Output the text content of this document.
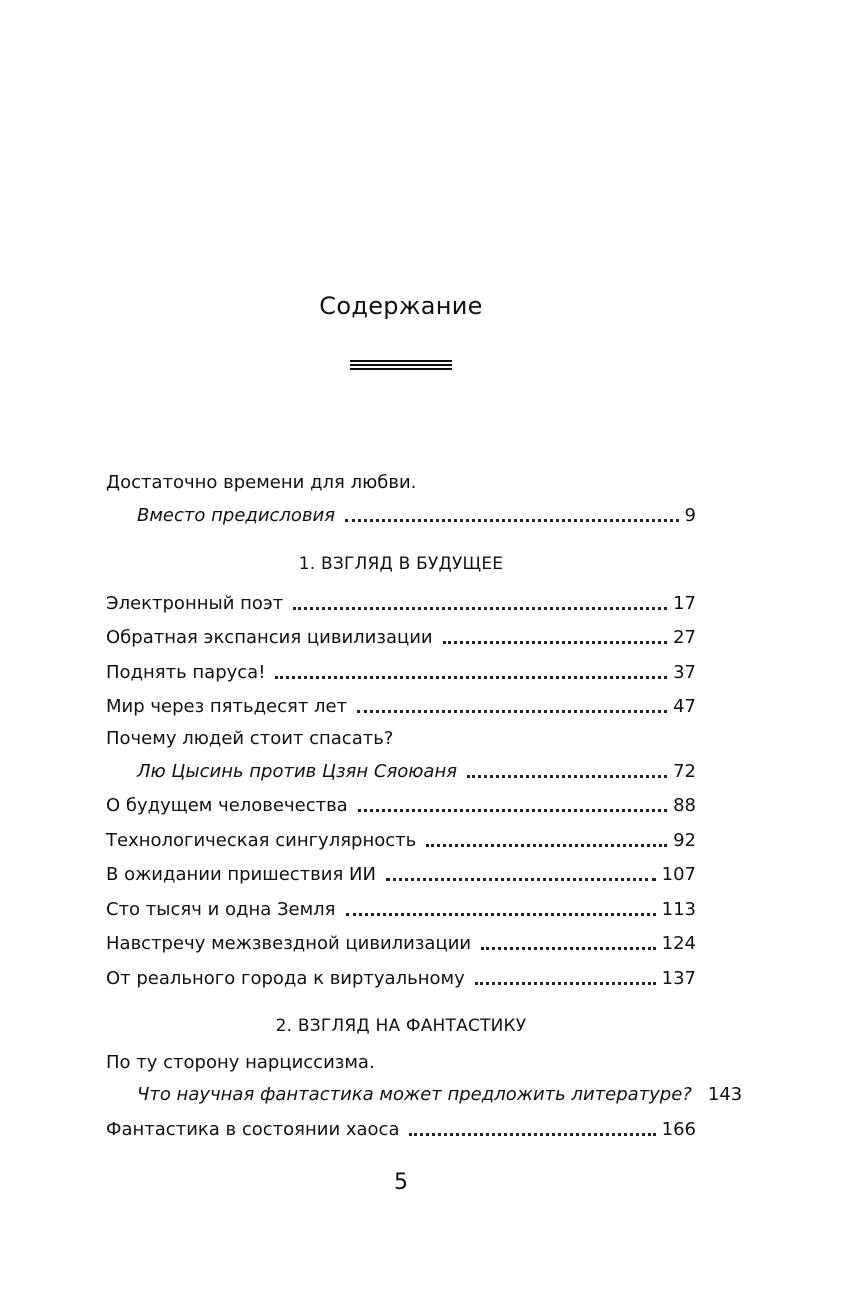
Содержание
Достаточно времени для любви.
Вместо предисловия	9
1. ВЗГЛЯД В БУДУЩЕЕ
Электронный поэт	17
Обратная экспансия цивилизации	27
Поднять паруса!	37
Мир через пятьдесят лет	47
Почему людей стоит спасать?
Лю Цысинь против Цзян Сяоюаня	72
О будущем человечества	88
Технологическая сингулярность	92
В ожидании пришествия ИИ	107
Сто тысяч и одна Земля	113
Навстречу межзвездной цивилизации	124
От реального города к виртуальному	137
2. ВЗГЛЯД НА ФАНТАСТИКУ
По ту сторону нарциссизма.
Что научная фантастика может предложить литературе? 143
Фантастика в состоянии хаоса	166
5
